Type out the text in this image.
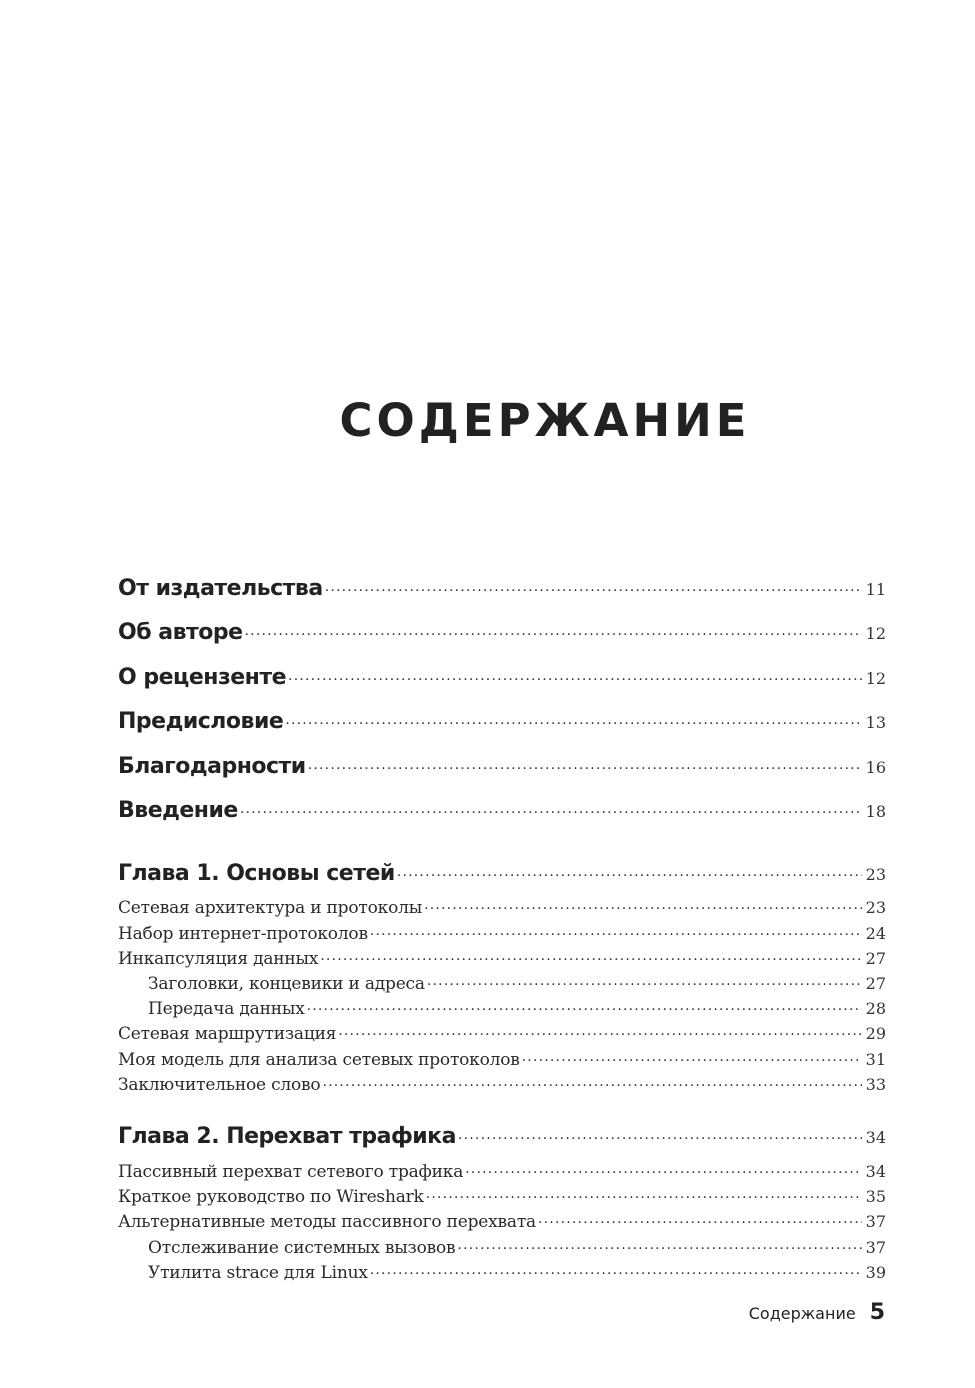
СОДЕРЖАНИЕ
От издательства .....	11
Об авторе .....	12
О рецензенте .....	12
Предисловие .....	13
Благодарности .....	16
Введение .....	18
Глава 1. Основы сетей .....	23
Сетевая архитектура и протоколы .....	23
Набор интернет-протоколов .....	24
Инкапсуляция данных .....	27
Заголовки, концевики и адреса .....	27
Передача данных .....	28
Сетевая маршрутизация .....	29
Моя модель для анализа сетевых протоколов .....	31
Заключительное слово .....	33
Глава 2. Перехват трафика .....	34
Пассивный перехват сетевого трафика .....	34
Краткое руководство по Wireshark .....	35
Альтернативные методы пассивного перехвата .....	37
Отслеживание системных вызовов .....	37
Утилита strace для Linux .....	39
Содержание 5
